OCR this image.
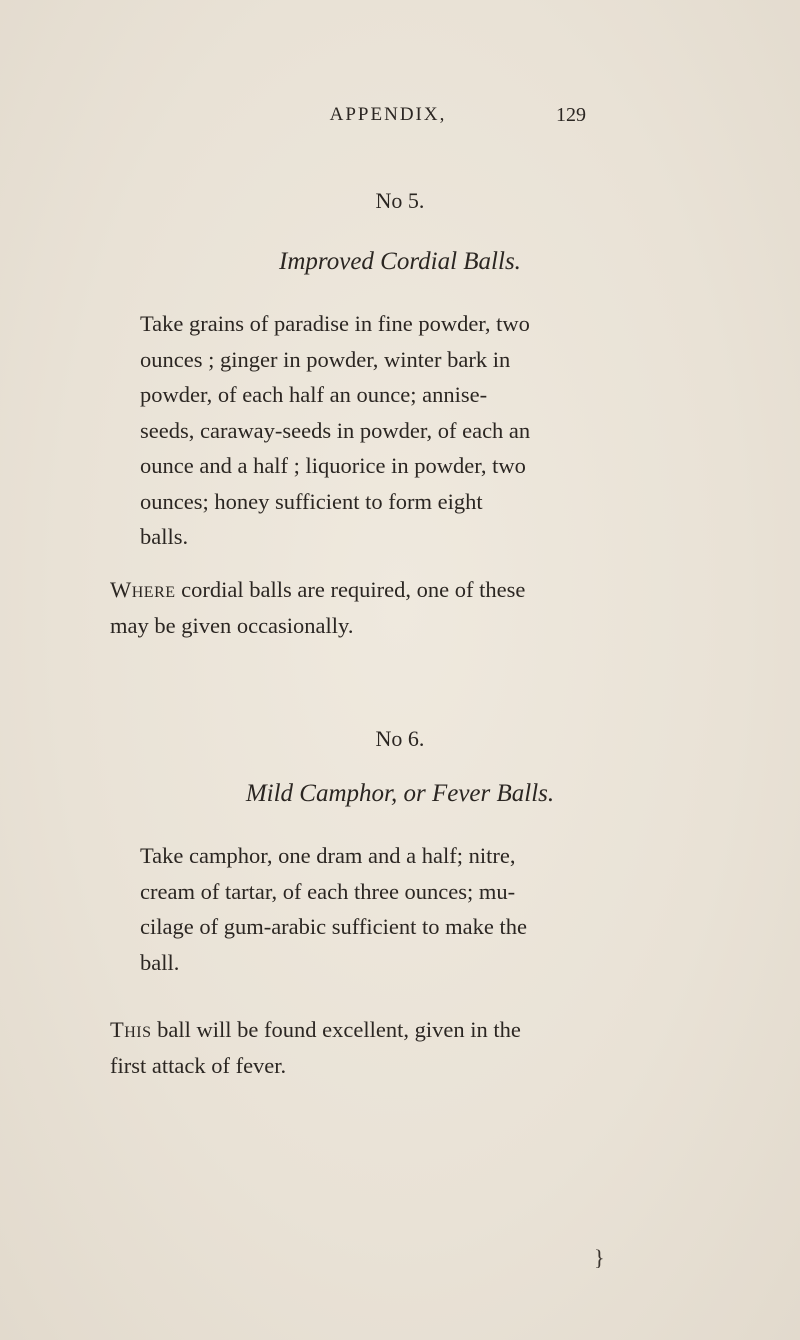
APPENDIX,	129
No 5.
Improved Cordial Balls.

Take grains of paradise in fine powder, two
ounces ; ginger in powder, winter bark in
powder, of each half an ounce; annise-
seeds, caraway-seeds in powder, of each an
ounce and a half ; liquorice in powder, two
ounces; honey sufficient to form eight
balls.

Where cordial balls are required, one of these
may be given occasionally.

No 6.
Mild Camphor, or Fever Balls.

Take camphor, one dram and a half; nitre,
cream of tartar, of each three ounces; mu-
cilage of gum-arabic sufficient to make the
ball.

This ball will be found excellent, given in the
first attack of fever.

}
